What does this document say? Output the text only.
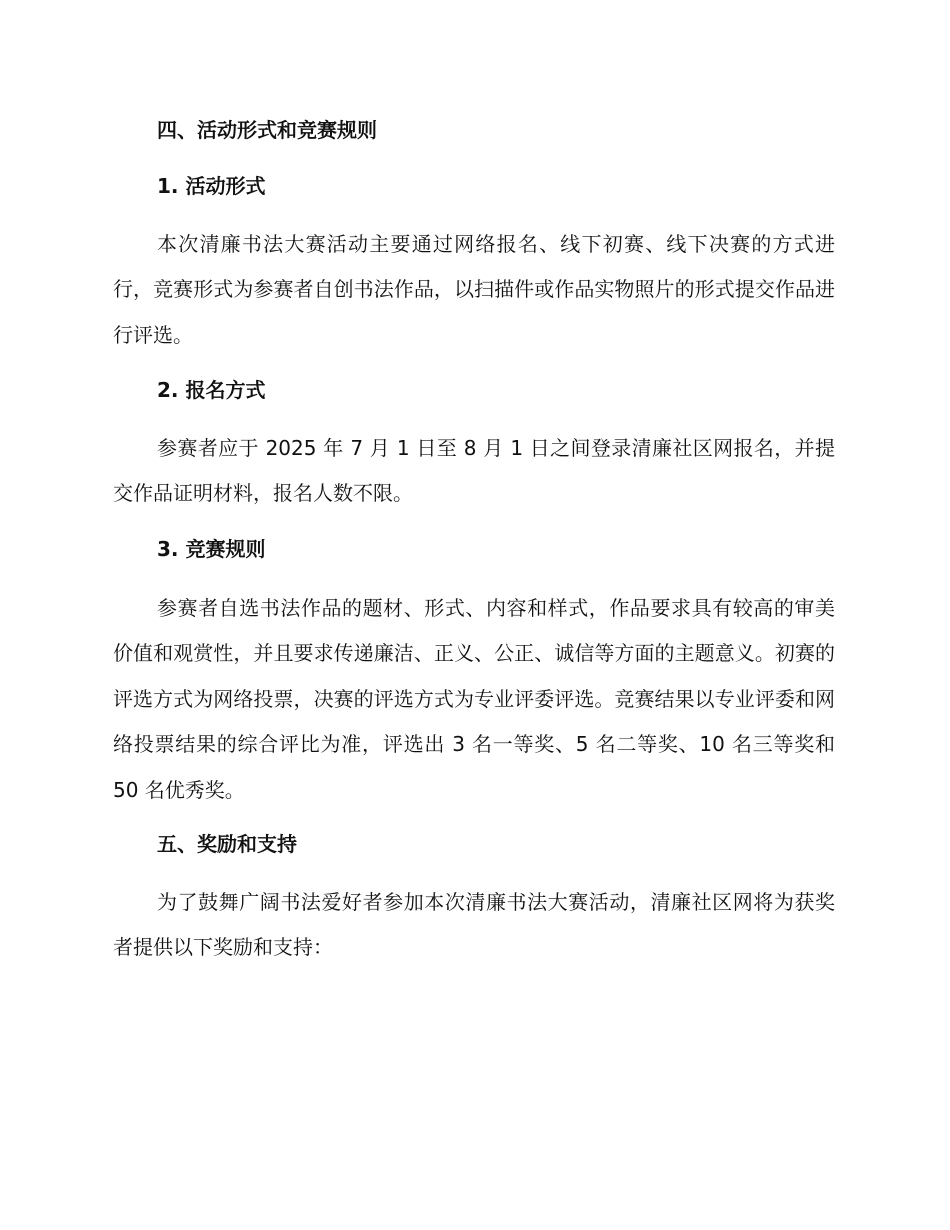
四、活动形式和竞赛规则
1. 活动形式

本次清廉书法大赛活动主要通过网络报名、线下初赛、线下决赛的方式进行，竞赛形式为参赛者自创书法作品，以扫描件或作品实物照片的形式提交作品进行评选。

2. 报名方式

参赛者应于 2025 年 7 月 1 日至 8 月 1 日之间登录清廉社区网报名，并提交作品证明材料，报名人数不限。

3. 竞赛规则

参赛者自选书法作品的题材、形式、内容和样式，作品要求具有较高的审美价值和观赏性，并且要求传递廉洁、正义、公正、诚信等方面的主题意义。初赛的评选方式为网络投票，决赛的评选方式为专业评委评选。竞赛结果以专业评委和网络投票结果的综合评比为准，评选出 3 名一等奖、5 名二等奖、10 名三等奖和 50 名优秀奖。

五、奖励和支持

为了鼓舞广阔书法爱好者参加本次清廉书法大赛活动，清廉社区网将为获奖者提供以下奖励和支持：
